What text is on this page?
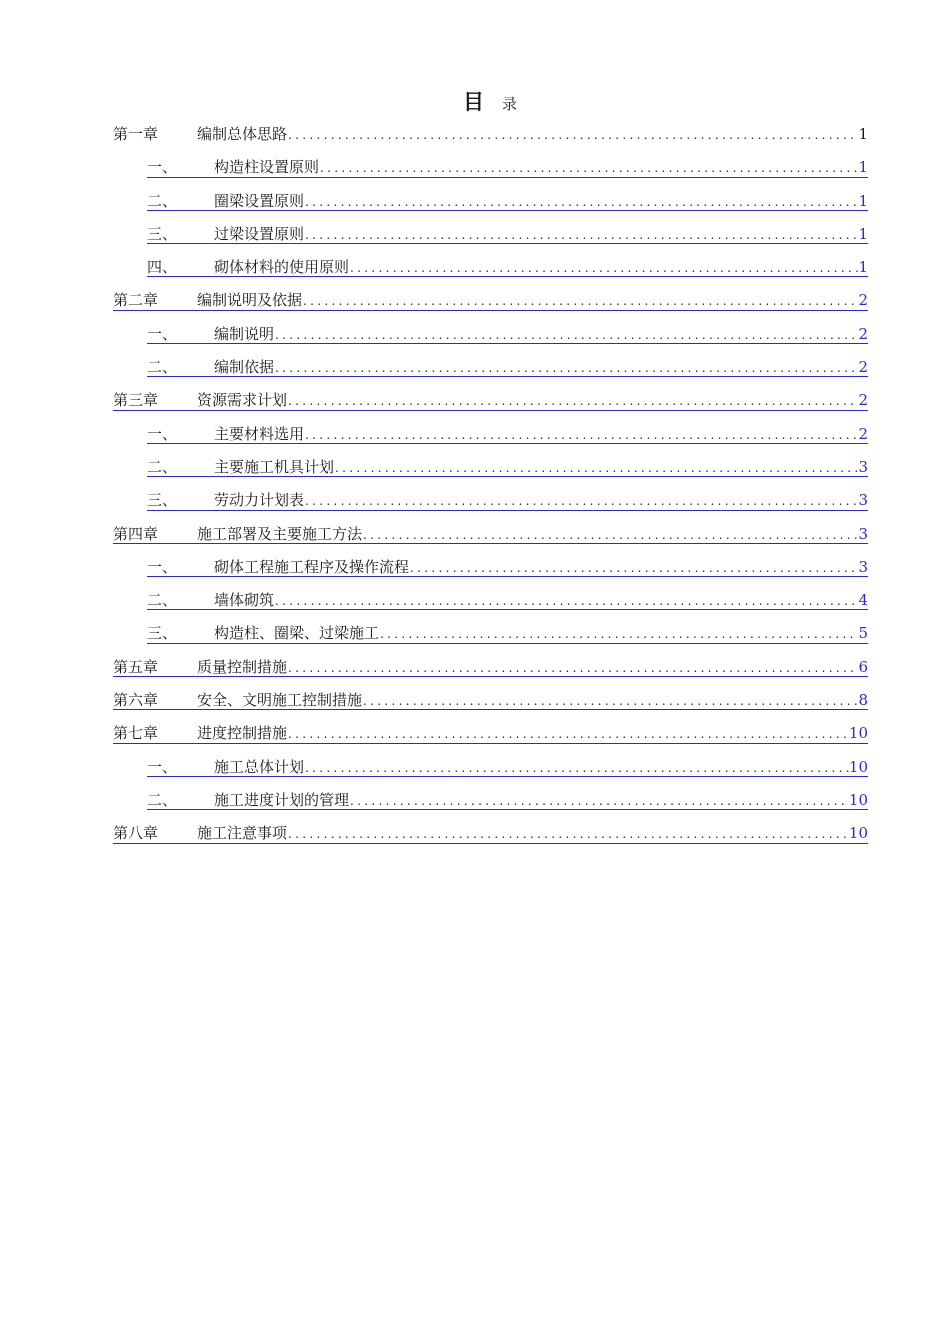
目 录
第一章	编制总体思路 .....	1
一、	构造柱设置原则 .....	1
二、	圈梁设置原则 .....	1
三、	过梁设置原则 .....	1
四、	砌体材料的使用原则 .....	1
第二章	编制说明及依据 .....	2
一、	编制说明 .....	2
二、	编制依据 .....	2
第三章	资源需求计划 .....	2
一、	主要材料选用 .....	2
二、	主要施工机具计划 .....	3
三、	劳动力计划表 .....	3
第四章	施工部署及主要施工方法 .....	3
一、	砌体工程施工程序及操作流程 .....	3
二、	墙体砌筑 .....	4
三、	构造柱、圈梁、过梁施工 .....	5
第五章	质量控制措施 .....	6
第六章	安全、文明施工控制措施 .....	8
第七章	进度控制措施 .....	10
一、	施工总体计划 .....	10
二、	施工进度计划的管理 .....	10
第八章	施工注意事项 .....	10
